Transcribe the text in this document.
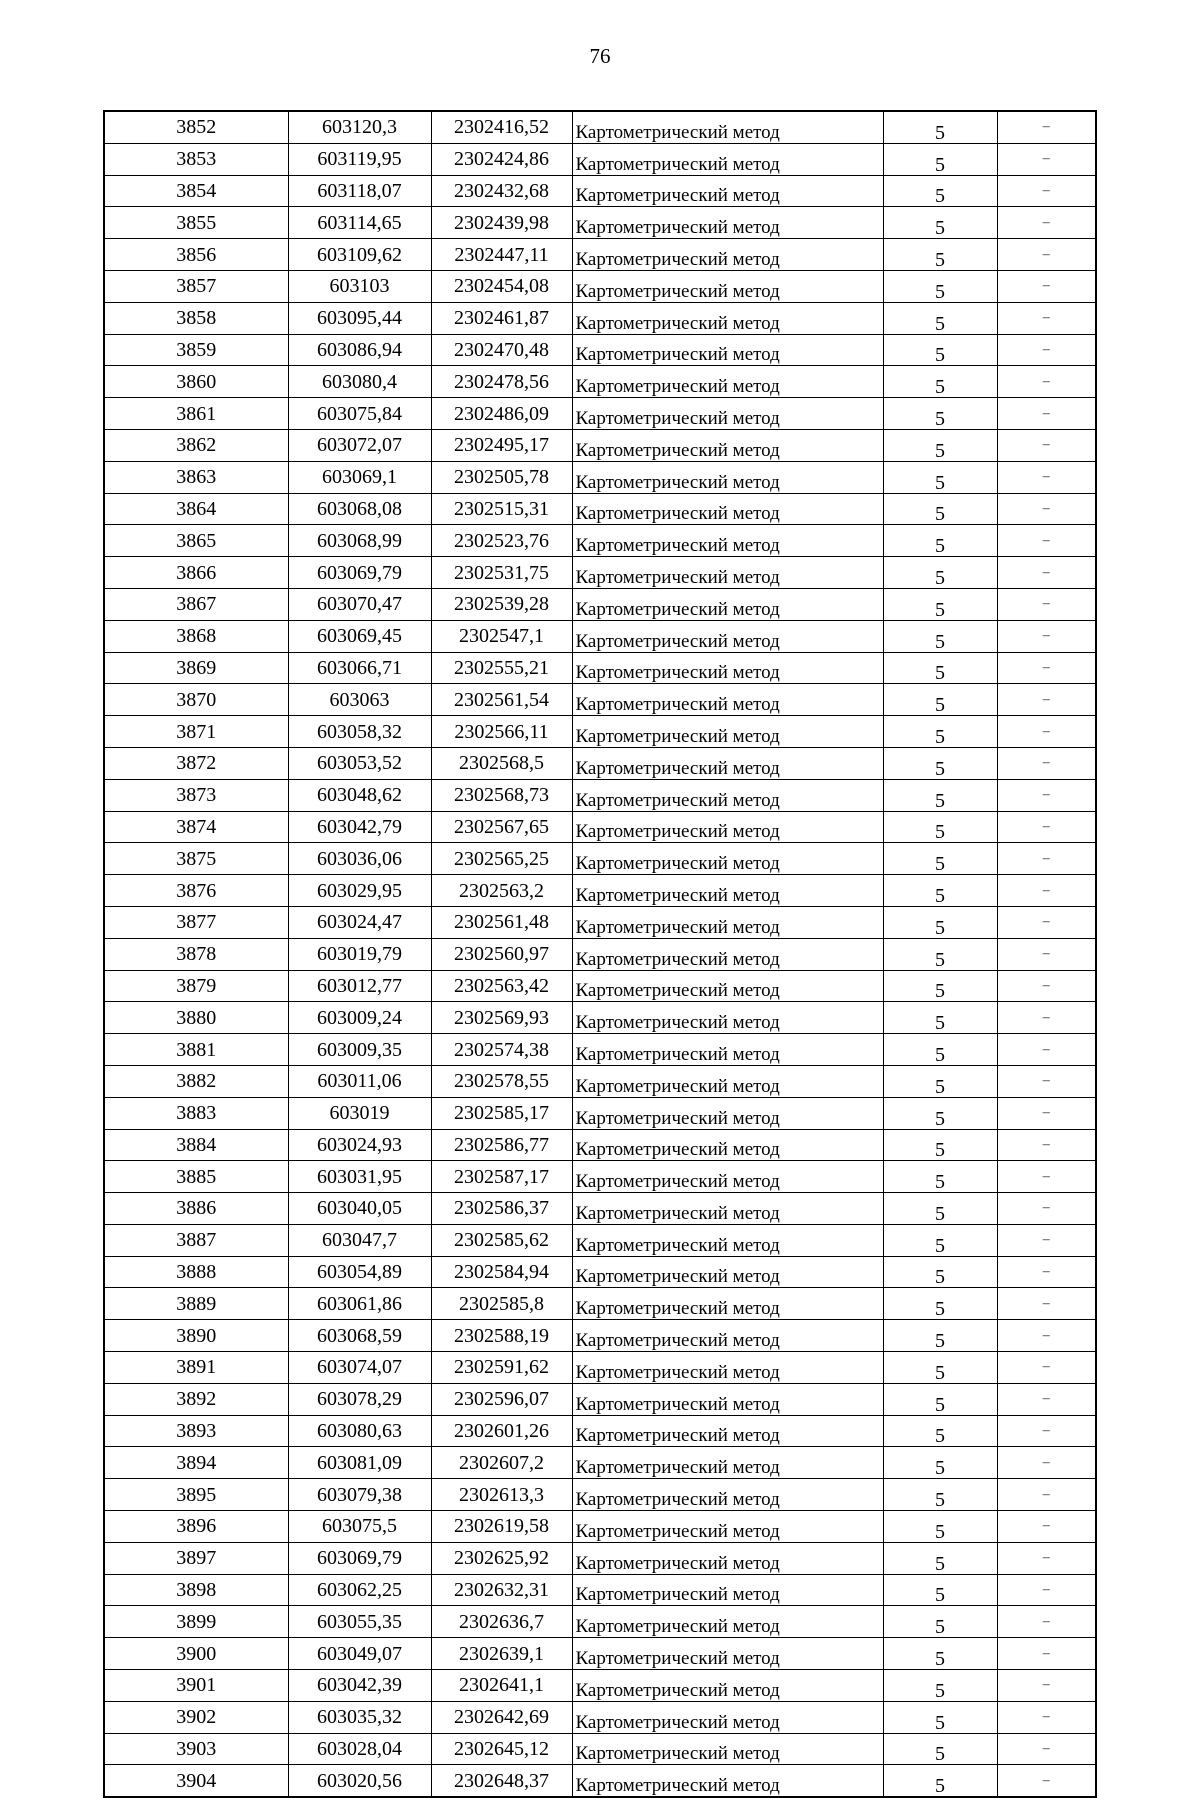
76
3852	603120,3	2302416,52	Картометрический метод	5	–
3853	603119,95	2302424,86	Картометрический метод	5	–
3854	603118,07	2302432,68	Картометрический метод	5	–
3855	603114,65	2302439,98	Картометрический метод	5	–
3856	603109,62	2302447,11	Картометрический метод	5	–
3857	603103	2302454,08	Картометрический метод	5	–
3858	603095,44	2302461,87	Картометрический метод	5	–
3859	603086,94	2302470,48	Картометрический метод	5	–
3860	603080,4	2302478,56	Картометрический метод	5	–
3861	603075,84	2302486,09	Картометрический метод	5	–
3862	603072,07	2302495,17	Картометрический метод	5	–
3863	603069,1	2302505,78	Картометрический метод	5	–
3864	603068,08	2302515,31	Картометрический метод	5	–
3865	603068,99	2302523,76	Картометрический метод	5	–
3866	603069,79	2302531,75	Картометрический метод	5	–
3867	603070,47	2302539,28	Картометрический метод	5	–
3868	603069,45	2302547,1	Картометрический метод	5	–
3869	603066,71	2302555,21	Картометрический метод	5	–
3870	603063	2302561,54	Картометрический метод	5	–
3871	603058,32	2302566,11	Картометрический метод	5	–
3872	603053,52	2302568,5	Картометрический метод	5	–
3873	603048,62	2302568,73	Картометрический метод	5	–
3874	603042,79	2302567,65	Картометрический метод	5	–
3875	603036,06	2302565,25	Картометрический метод	5	–
3876	603029,95	2302563,2	Картометрический метод	5	–
3877	603024,47	2302561,48	Картометрический метод	5	–
3878	603019,79	2302560,97	Картометрический метод	5	–
3879	603012,77	2302563,42	Картометрический метод	5	–
3880	603009,24	2302569,93	Картометрический метод	5	–
3881	603009,35	2302574,38	Картометрический метод	5	–
3882	603011,06	2302578,55	Картометрический метод	5	–
3883	603019	2302585,17	Картометрический метод	5	–
3884	603024,93	2302586,77	Картометрический метод	5	–
3885	603031,95	2302587,17	Картометрический метод	5	–
3886	603040,05	2302586,37	Картометрический метод	5	–
3887	603047,7	2302585,62	Картометрический метод	5	–
3888	603054,89	2302584,94	Картометрический метод	5	–
3889	603061,86	2302585,8	Картометрический метод	5	–
3890	603068,59	2302588,19	Картометрический метод	5	–
3891	603074,07	2302591,62	Картометрический метод	5	–
3892	603078,29	2302596,07	Картометрический метод	5	–
3893	603080,63	2302601,26	Картометрический метод	5	–
3894	603081,09	2302607,2	Картометрический метод	5	–
3895	603079,38	2302613,3	Картометрический метод	5	–
3896	603075,5	2302619,58	Картометрический метод	5	–
3897	603069,79	2302625,92	Картометрический метод	5	–
3898	603062,25	2302632,31	Картометрический метод	5	–
3899	603055,35	2302636,7	Картометрический метод	5	–
3900	603049,07	2302639,1	Картометрический метод	5	–
3901	603042,39	2302641,1	Картометрический метод	5	–
3902	603035,32	2302642,69	Картометрический метод	5	–
3903	603028,04	2302645,12	Картометрический метод	5	–
3904	603020,56	2302648,37	Картометрический метод	5	–
